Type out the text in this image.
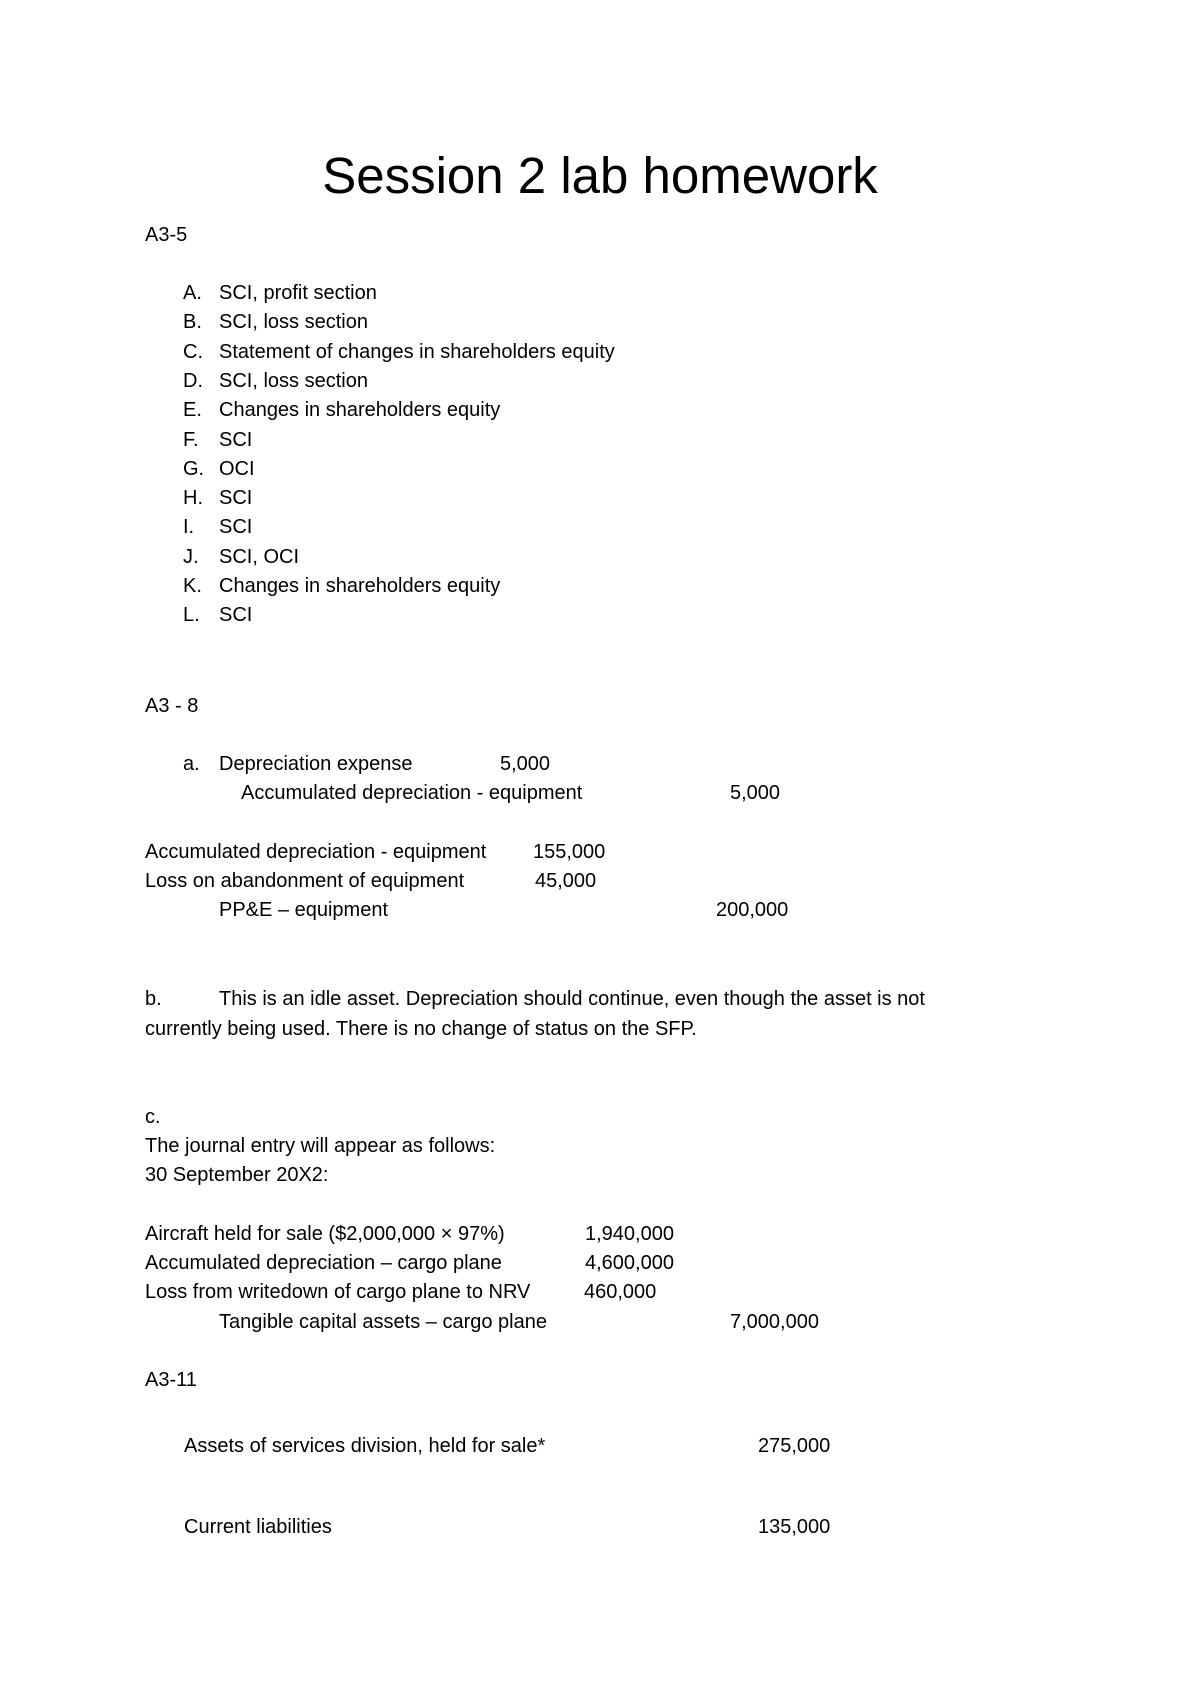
Session 2 lab homework
A3-5
A. SCI, profit section
B. SCI, loss section
C. Statement of changes in shareholders equity
D. SCI, loss section
E. Changes in shareholders equity
F. SCI
G. OCI
H. SCI
I. SCI
J. SCI, OCI
K. Changes in shareholders equity
L. SCI
A3 - 8
a. Depreciation expense	5,000
Accumulated depreciation - equipment	5,000
Accumulated depreciation - equipment 155,000
Loss on abandonment of equipment	45,000
PP&E – equipment	200,000
b.	This is an idle asset. Depreciation should continue, even though the asset is not
currently being used. There is no change of status on the SFP.
c.
The journal entry will appear as follows:
30 September 20X2:
Aircraft held for sale ($2,000,000 × 97%)	1,940,000
Accumulated depreciation – cargo plane	4,600,000
Loss from writedown of cargo plane to NRV	460,000
Tangible capital assets – cargo plane	7,000,000
A3-11
Assets of services division, held for sale*	275,000
Current liabilities	135,000
